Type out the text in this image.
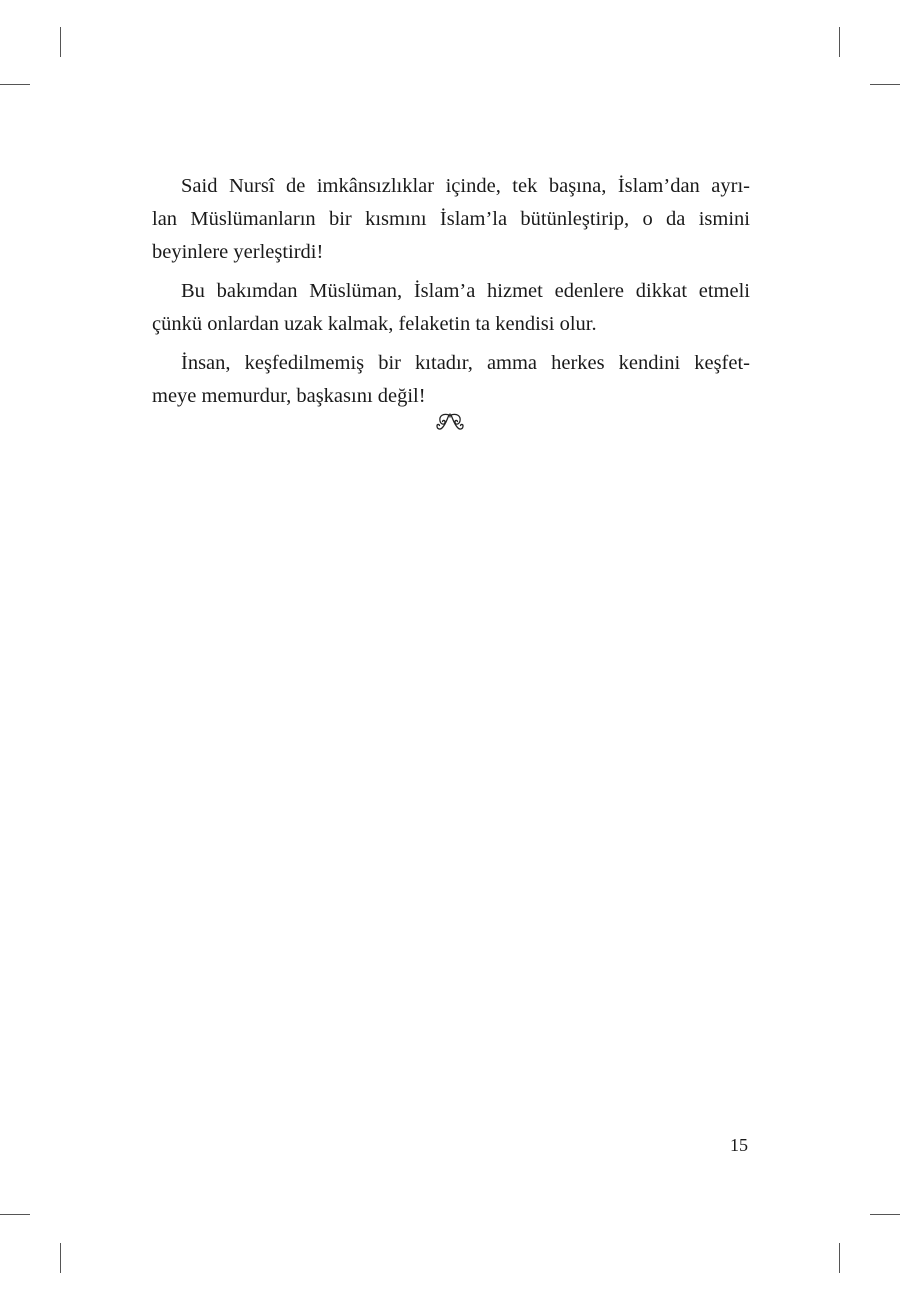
Said Nursî de imkânsızlıklar içinde, tek başına, İslam’dan ayrı-
lan Müslümanların bir kısmını İslam’la bütünleştirip, o da ismini
beyinlere yerleştirdi!

Bu bakımdan Müslüman, İslam’a hizmet edenlere dikkat etmeli
çünkü onlardan uzak kalmak, felaketin ta kendisi olur.

İnsan, keşfedilmemiş bir kıtadır, amma herkes kendini keşfet-
meye memurdur, başkasını değil!

15
